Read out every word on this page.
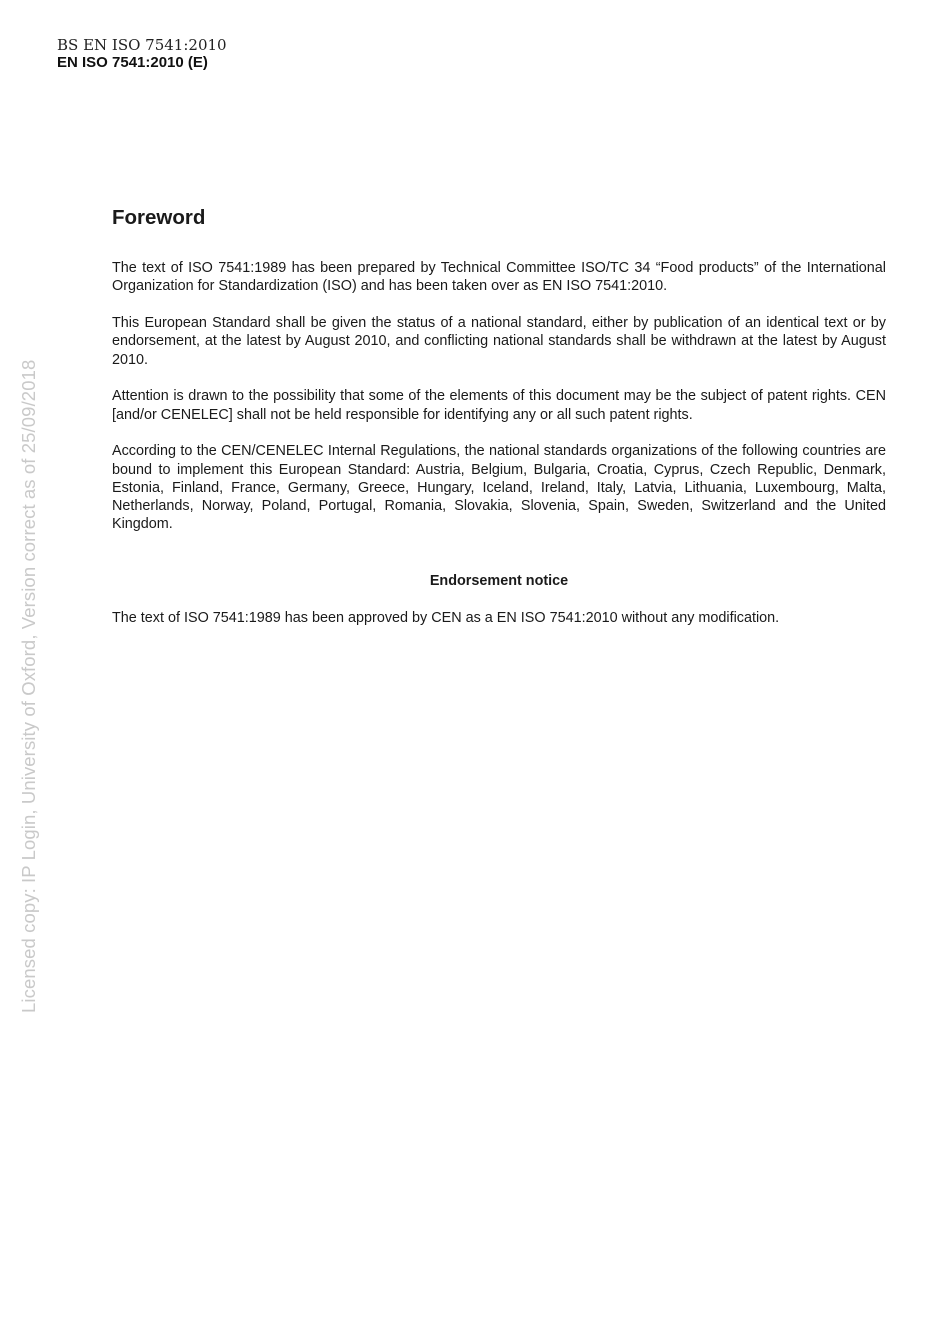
BS EN ISO 7541:2010
EN ISO 7541:2010 (E)
Foreword

The text of ISO 7541:1989 has been prepared by Technical Committee ISO/TC 34 “Food products” of the International Organization for Standardization (ISO) and has been taken over as EN ISO 7541:2010.

This European Standard shall be given the status of a national standard, either by publication of an identical text or by endorsement, at the latest by August 2010, and conflicting national standards shall be withdrawn at the latest by August 2010.

Attention is drawn to the possibility that some of the elements of this document may be the subject of patent rights. CEN [and/or CENELEC] shall not be held responsible for identifying any or all such patent rights.

According to the CEN/CENELEC Internal Regulations, the national standards organizations of the following countries are bound to implement this European Standard: Austria, Belgium, Bulgaria, Croatia, Cyprus, Czech Republic, Denmark, Estonia, Finland, France, Germany, Greece, Hungary, Iceland, Ireland, Italy, Latvia, Lithuania, Luxembourg, Malta, Netherlands, Norway, Poland, Portugal, Romania, Slovakia, Slovenia, Spain, Sweden, Switzerland and the United Kingdom.

Endorsement notice

The text of ISO 7541:1989 has been approved by CEN as a EN ISO 7541:2010 without any modification.

Licensed copy: IP Login, University of Oxford, Version correct as of 25/09/2018
